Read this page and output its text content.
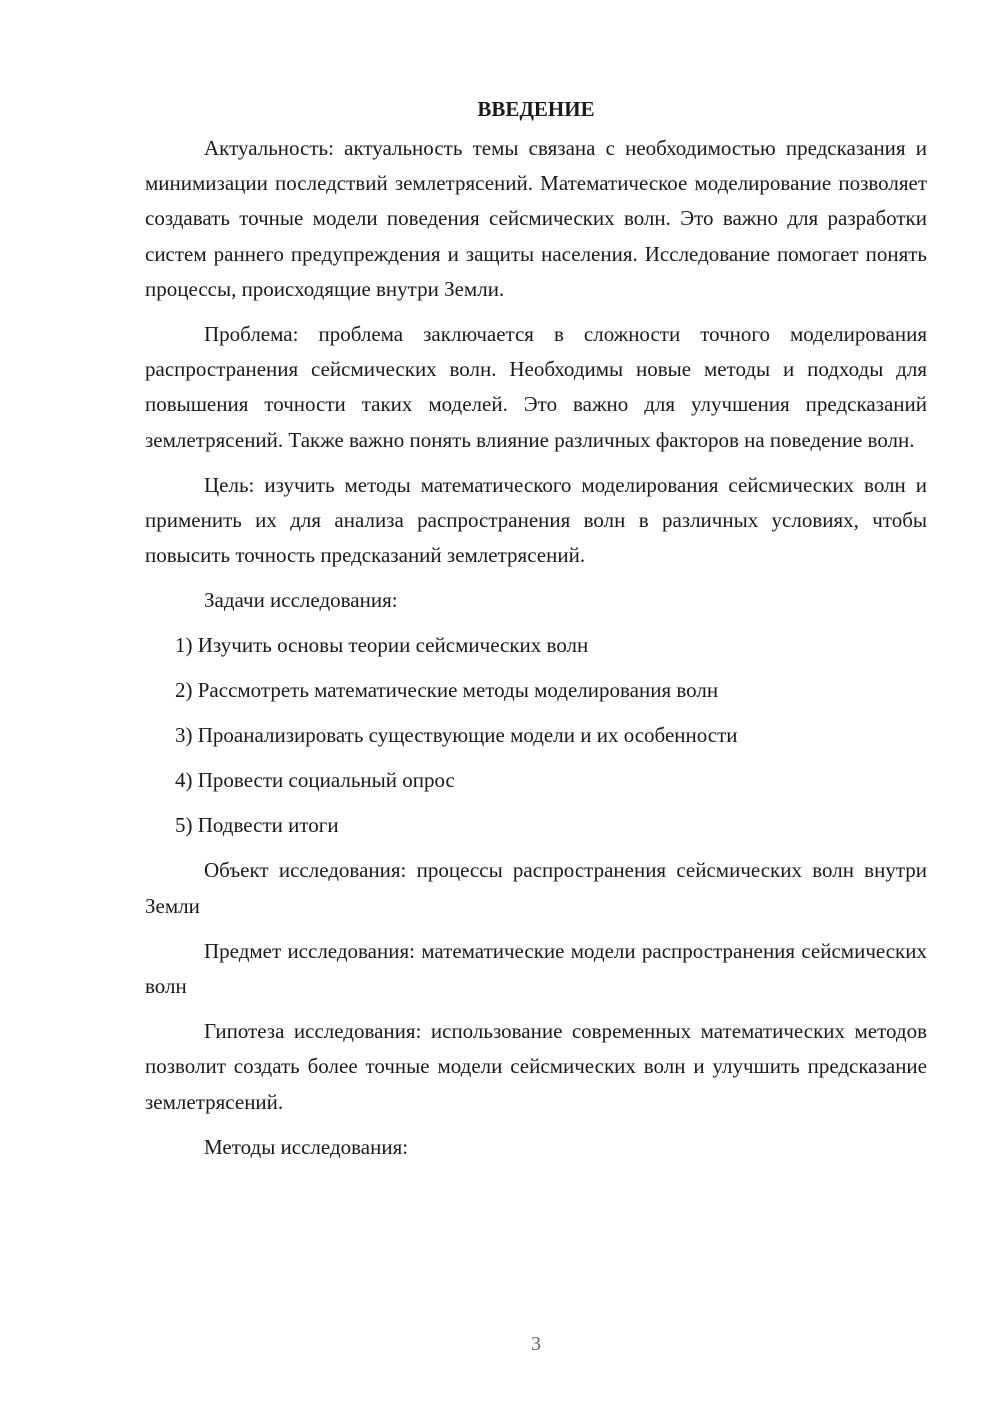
ВВЕДЕНИЕ

Актуальность: актуальность темы связана с необходимостью предсказания и минимизации последствий землетрясений. Математическое моделирование позволяет создавать точные модели поведения сейсмических волн. Это важно для разработки систем раннего предупреждения и защиты населения. Исследование помогает понять процессы, происходящие внутри Земли.

Проблема: проблема заключается в сложности точного моделирования распространения сейсмических волн. Необходимы новые методы и подходы для повышения точности таких моделей. Это важно для улучшения предсказаний землетрясений. Также важно понять влияние различных факторов на поведение волн.

Цель: изучить методы математического моделирования сейсмических волн и применить их для анализа распространения волн в различных условиях, чтобы повысить точность предсказаний землетрясений.

Задачи исследования:

1) Изучить основы теории сейсмических волн
2) Рассмотреть математические методы моделирования волн
3) Проанализировать существующие модели и их особенности
4) Провести социальный опрос
5) Подвести итоги

Объект исследования: процессы распространения сейсмических волн внутри Земли

Предмет исследования: математические модели распространения сейсмических волн

Гипотеза исследования: использование современных математических методов позволит создать более точные модели сейсмических волн и улучшить предсказание землетрясений.

Методы исследования:

3
